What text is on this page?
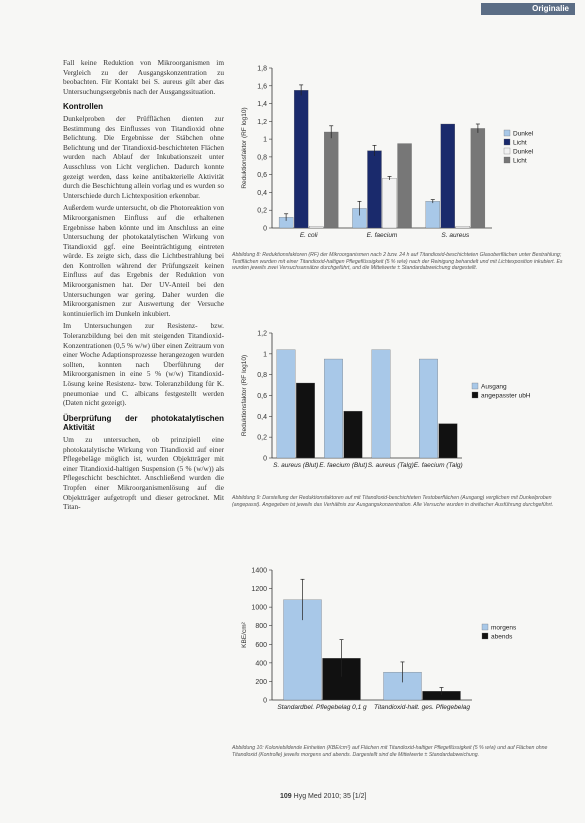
Originalie

Fall keine Reduktion von Mikroorganismen im Vergleich zu der Ausgangskonzentration zu beobachten. Für Kontakt bei S. aureus gilt aber das Untersuchungsergebnis nach der Ausgangssituation.

Kontrollen

Dunkelproben der Prüfflächen dienten zur Bestimmung des Einflusses von Titandioxid ohne Belichtung. Die Ergebnisse der Stäbchen ohne Belichtung und der Titandioxid-beschichteten Flächen wurden nach Ablauf der Inkubationszeit unter Ausschluss von Licht verglichen. Dadurch konnte gezeigt werden, dass keine antibakterielle Aktivität durch die Beschichtung allein vorlag und es wurden so Unterschiede durch Lichtexposition erkennbar.

Außerdem wurde untersucht, ob die Photoreaktion von Mikroorganismen Einfluss auf die erhaltenen Ergebnisse haben könnte und im Anschluss an eine Untersuchung der photokatalytischen Wirkung von Titandioxid ggf. eine Beeinträchtigung eintreten würde. Es zeigte sich, dass die Lichtbestrahlung bei den Kontrollen während der Prüfungszeit keinen Einfluss auf das Ergebnis der Reduktion von Mikroorganismen hat. Der UV-Anteil bei den Untersuchungen war gering. Daher wurden die Mikroorganismen zur Auswertung der Versuche kontinuierlich im Dunkeln inkubiert.

Im Untersuchungen zur Resistenz- bzw. Toleranzbildung bei den mit steigenden Titandioxid-Konzentrationen (0,5 % w/w) über einen Zeitraum von einer Woche Adaptionsprozesse herangezogen wurden sollten, konnten nach Überführung der Mikroorganismen in eine 5 % (w/w) Titandioxid-Lösung keine Resistenz- bzw. Toleranzbildung für K. pneumoniae und C. albicans festgestellt werden (Daten nicht gezeigt).

Überprüfung der photokatalytischen Aktivität

Um zu untersuchen, ob prinzipiell eine photokatalytische Wirkung von Titandioxid auf einer Pflegebeläge möglich ist, wurden Objektträger mit einer Titandioxid-haltigen Suspension (5 % (w/w)) als Pflegeschicht beschichtet. Anschließend wurden die Tropfen einer Mikroorganismenlösung auf die Objektträger aufgetropft und dieser getrocknet. Mit Titan-

0
0,2
0,4
0,6
0,8
1
1,2
1,4
1,6
1,8
Reduktionsfaktor (RF log10)
E. coli	E. faecium	S. aureus
Dunkel
Licht
Dunkel
Licht
Abbildung 8: Reduktionsfaktoren (RF) der Mikroorganismen nach 2 bzw. 24 h auf Titandioxid-beschichteten Glasoberflächen unter Bestrahlung; Testflächen wurden mit einer Titandioxid-haltigen Pflegeflüssigkeit (5 % w/w) nach der Reinigung behandelt und mit Lichtexposition inkubiert. Es wurden jeweils zwei Versuchsansätze durchgeführt, und die Mittelwerte ± Standardabweichung dargestellt.
0
0,2
0,4
0,6
0,8
1
1,2
Reduktionsfaktor (RF log10)
S. aureus (Blut) E. faecium (Blut) S. aureus (Talg) E. faecium (Talg)
Ausgang
angepasster ubH
Abbildung 9: Darstellung der Reduktionsfaktoren auf mit Titandioxid-beschichteten Testoberflächen (Ausgang) verglichen mit Dunkelproben (angepasst). Angegeben ist jeweils das Verhältnis zur Ausgangskonzentration. Alle Versuche wurden in dreifacher Ausführung durchgeführt.
0
200
400
600
800
1000
1200
1400
KBE/cm²
Standardbel. Pflegebelag 0,1 g Titandioxid-halt. ges. Pflegebelag
morgens
abends
Abbildung 10: Koloniebildende Einheiten (KBE/cm²) auf Flächen mit Titandioxid-haltiger Pflegeflüssigkeit (5 % w/w) und auf Flächen ohne Titandioxid (Kontrolle) jeweils morgens und abends. Dargestellt sind die Mittelwerte ± Standardabweichung.
109 Hyg Med 2010; 35 [1/2]
